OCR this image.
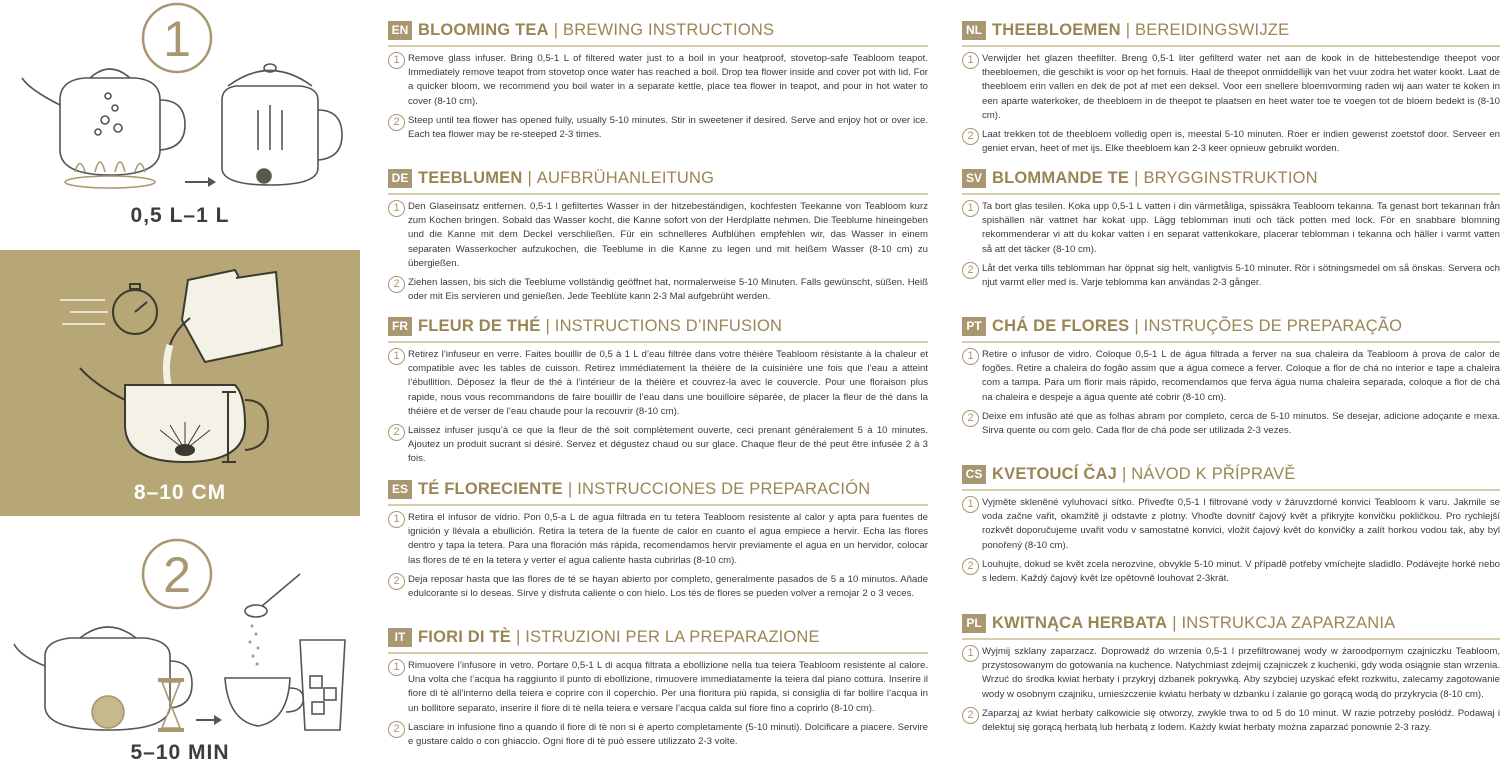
1
0,5 L–1 L
8–10 CM
2
5–10 MIN
EN BLOOMING TEA | BREWING INSTRUCTIONS
1 Remove glass infuser. Bring 0,5-1 L of filtered water just to a boil in your heatproof, stovetop-safe Teabloom teapot. Immediately remove teapot from stovetop once water has reached a boil. Drop tea flower inside and cover pot with lid. For a quicker bloom, we recommend you boil water in a separate kettle, place tea flower in teapot, and pour in hot water to cover (8-10 cm).
2 Steep until tea flower has opened fully, usually 5-10 minutes. Stir in sweetener if desired. Serve and enjoy hot or over ice. Each tea flower may be re-steeped 2-3 times.
DE TEEBLUMEN | AUFBRÜHANLEITUNG
1 Den Glaseinsatz entfernen. 0,5-1 l gefiltertes Wasser in der hitzebeständigen, kochfesten Teekanne von Teabloom kurz zum Kochen bringen. Sobald das Wasser kocht, die Kanne sofort von der Herdplatte nehmen. Die Teeblume hineingeben und die Kanne mit dem Deckel verschließen. Für ein schnelleres Aufblühen empfehlen wir, das Wasser in einem separaten Wasserkocher aufzukochen, die Teeblume in die Kanne zu legen und mit heißem Wasser (8-10 cm) zu übergießen.
2 Ziehen lassen, bis sich die Teeblume vollständig geöffnet hat, normalerweise 5-10 Minuten. Falls gewünscht, süßen. Heiß oder mit Eis servieren und genießen. Jede Teeblüte kann 2-3 Mal aufgebrüht werden.
FR FLEUR DE THÉ | INSTRUCTIONS D’INFUSION
1 Retirez l’infuseur en verre. Faites bouillir de 0,5 à 1 L d’eau filtrée dans votre théière Teabloom résistante à la chaleur et compatible avec les tables de cuisson. Retirez immédiatement la théière de la cuisinière une fois que l’eau a atteint l’ébullition. Déposez la fleur de thé à l’intérieur de la théière et couvrez-la avec le couvercle. Pour une floraison plus rapide, nous vous recommandons de faire bouillir de l’eau dans une bouilloire séparée, de placer la fleur de thé dans la théière et de verser de l’eau chaude pour la recouvrir (8-10 cm).
2 Laissez infuser jusqu’à ce que la fleur de thé soit complètement ouverte, ceci prenant généralement 5 à 10 minutes. Ajoutez un produit sucrant si désiré. Servez et dégustez chaud ou sur glace. Chaque fleur de thé peut être infusée 2 à 3 fois.
ES TÉ FLORECIENTE | INSTRUCCIONES DE PREPARACIÓN
1 Retira el infusor de vidrio. Pon 0,5-a L de agua filtrada en tu tetera Teabloom resistente al calor y apta para fuentes de ignición y llévala a ebullición. Retira la tetera de la fuente de calor en cuanto el agua empiece a hervir. Echa las flores dentro y tapa la tetera. Para una floración más rápida, recomendamos hervir previamente el agua en un hervidor, colocar las flores de té en la tetera y verter el agua caliente hasta cubrirlas (8-10 cm).
2 Deja reposar hasta que las flores de té se hayan abierto por completo, generalmente pasados de 5 a 10 minutos. Añade edulcorante si lo deseas. Sirve y disfruta caliente o con hielo. Los tés de flores se pueden volver a remojar 2 o 3 veces.
IT FIORI DI TÈ | ISTRUZIONI PER LA PREPARAZIONE
1 Rimuovere l’infusore in vetro. Portare 0,5-1 L di acqua filtrata a ebollizione nella tua teiera Teabloom resistente al calore. Una volta che l’acqua ha raggiunto il punto di ebollizione, rimuovere immediatamente la teiera dal piano cottura. Inserire il fiore di tè all’interno della teiera e coprire con il coperchio. Per una fioritura più rapida, si consiglia di far bollire l’acqua in un bollitore separato, inserire il fiore di tè nella teiera e versare l’acqua calda sul fiore fino a coprirlo (8-10 cm).
2 Lasciare in infusione fino a quando il fiore di tè non si è aperto completamente (5-10 minuti). Dolcificare a piacere. Servire e gustare caldo o con ghiaccio. Ogni fiore di tè può essere utilizzato 2-3 volte.
NL THEEBLOEMEN | BEREIDINGSWIJZE
1 Verwijder het glazen theefilter. Breng 0,5-1 liter gefilterd water net aan de kook in de hittebestendige theepot voor theebloemen, die geschikt is voor op het fornuis. Haal de theepot onmiddellijk van het vuur zodra het water kookt. Laat de theebloem erin vallen en dek de pot af met een deksel. Voor een snellere bloemvorming raden wij aan water te koken in een aparte waterkoker, de theebloem in de theepot te plaatsen en heet water toe te voegen tot de bloem bedekt is (8-10 cm).
2 Laat trekken tot de theebloem volledig open is, meestal 5-10 minuten. Roer er indien gewenst zoetstof door. Serveer en geniet ervan, heet of met ijs. Elke theebloem kan 2-3 keer opnieuw gebruikt worden.
SV BLOMMANDE TE | BRYGGINSTRUKTION
1 Ta bort glas tesilen. Koka upp 0,5-1 L vatten i din värmetåliga, spissäkra Teabloom tekanna. Ta genast bort tekannan från spishällen när vattnet har kokat upp. Lägg teblomman inuti och täck potten med lock. För en snabbare blomning rekommenderar vi att du kokar vatten i en separat vattenkokare, placerar teblomman i tekanna och häller i varmt vatten så att det täcker (8-10 cm).
2 Låt det verka tills teblomman har öppnat sig helt, vanligtvis 5-10 minuter. Rör i sötningsmedel om så önskas. Servera och njut varmt eller med is. Varje teblomma kan användas 2-3 gånger.
PT CHÁ DE FLORES | INSTRUÇÕES DE PREPARAÇÃO
1 Retire o infusor de vidro. Coloque 0,5-1 L de água filtrada a ferver na sua chaleira da Teabloom à prova de calor de fogões. Retire a chaleira do fogão assim que a água comece a ferver. Coloque a flor de chá no interior e tape a chaleira com a tampa. Para um florir mais rápido, recomendamos que ferva água numa chaleira separada, coloque a flor de chá na chaleira e despeje a água quente até cobrir (8-10 cm).
2 Deixe em infusão até que as folhas abram por completo, cerca de 5-10 minutos. Se desejar, adicione adoçante e mexa. Sirva quente ou com gelo. Cada flor de chá pode ser utilizada 2-3 vezes.
CS KVETOUCÍ ČAJ | NÁVOD K PŘÍPRAVĚ
1 Vyjměte skleněné vyluhovací sítko. Přiveďte 0,5-1 l filtrované vody v žáruvzdorné konvici Teabloom k varu. Jakmile se voda začne vařit, okamžitě ji odstavte z plotny. Vhoďte dovnitř čajový květ a přikryjte konvičku pokličkou. Pro rychlejší rozkvět doporučujeme uvařit vodu v samostatné konvici, vložit čajový květ do konvičky a zalít horkou vodou tak, aby byl ponořený (8-10 cm).
2 Louhujte, dokud se květ zcela nerozvine, obvykle 5-10 minut. V případě potřeby vmíchejte sladidlo. Podávejte horké nebo s ledem. Každý čajový květ lze opětovně louhovat 2-3krát.
PL KWITNĄCA HERBATA | INSTRUKCJA ZAPARZANIA
1 Wyjmij szklany zaparzacz. Doprowadź do wrzenia 0,5-1 l przefiltrowanej wody w żaroodpornym czajniczku Teabloom, przystosowanym do gotowania na kuchence. Natychmiast zdejmij czajniczek z kuchenki, gdy woda osiągnie stan wrzenia. Wrzuć do środka kwiat herbaty i przykryj dzbanek pokrywką. Aby szybciej uzyskać efekt rozkwitu, zalecamy zagotowanie wody w osobnym czajniku, umieszczenie kwiatu herbaty w dzbanku i zalanie go gorącą wodą do przykrycia (8-10 cm).
2 Zaparzaj aż kwiat herbaty całkowicie się otworzy, zwykle trwa to od 5 do 10 minut. W razie potrzeby posłódź. Podawaj i delektuj się gorącą herbatą lub herbatą z lodem. Każdy kwiat herbaty można zaparzać ponownie 2-3 razy.
